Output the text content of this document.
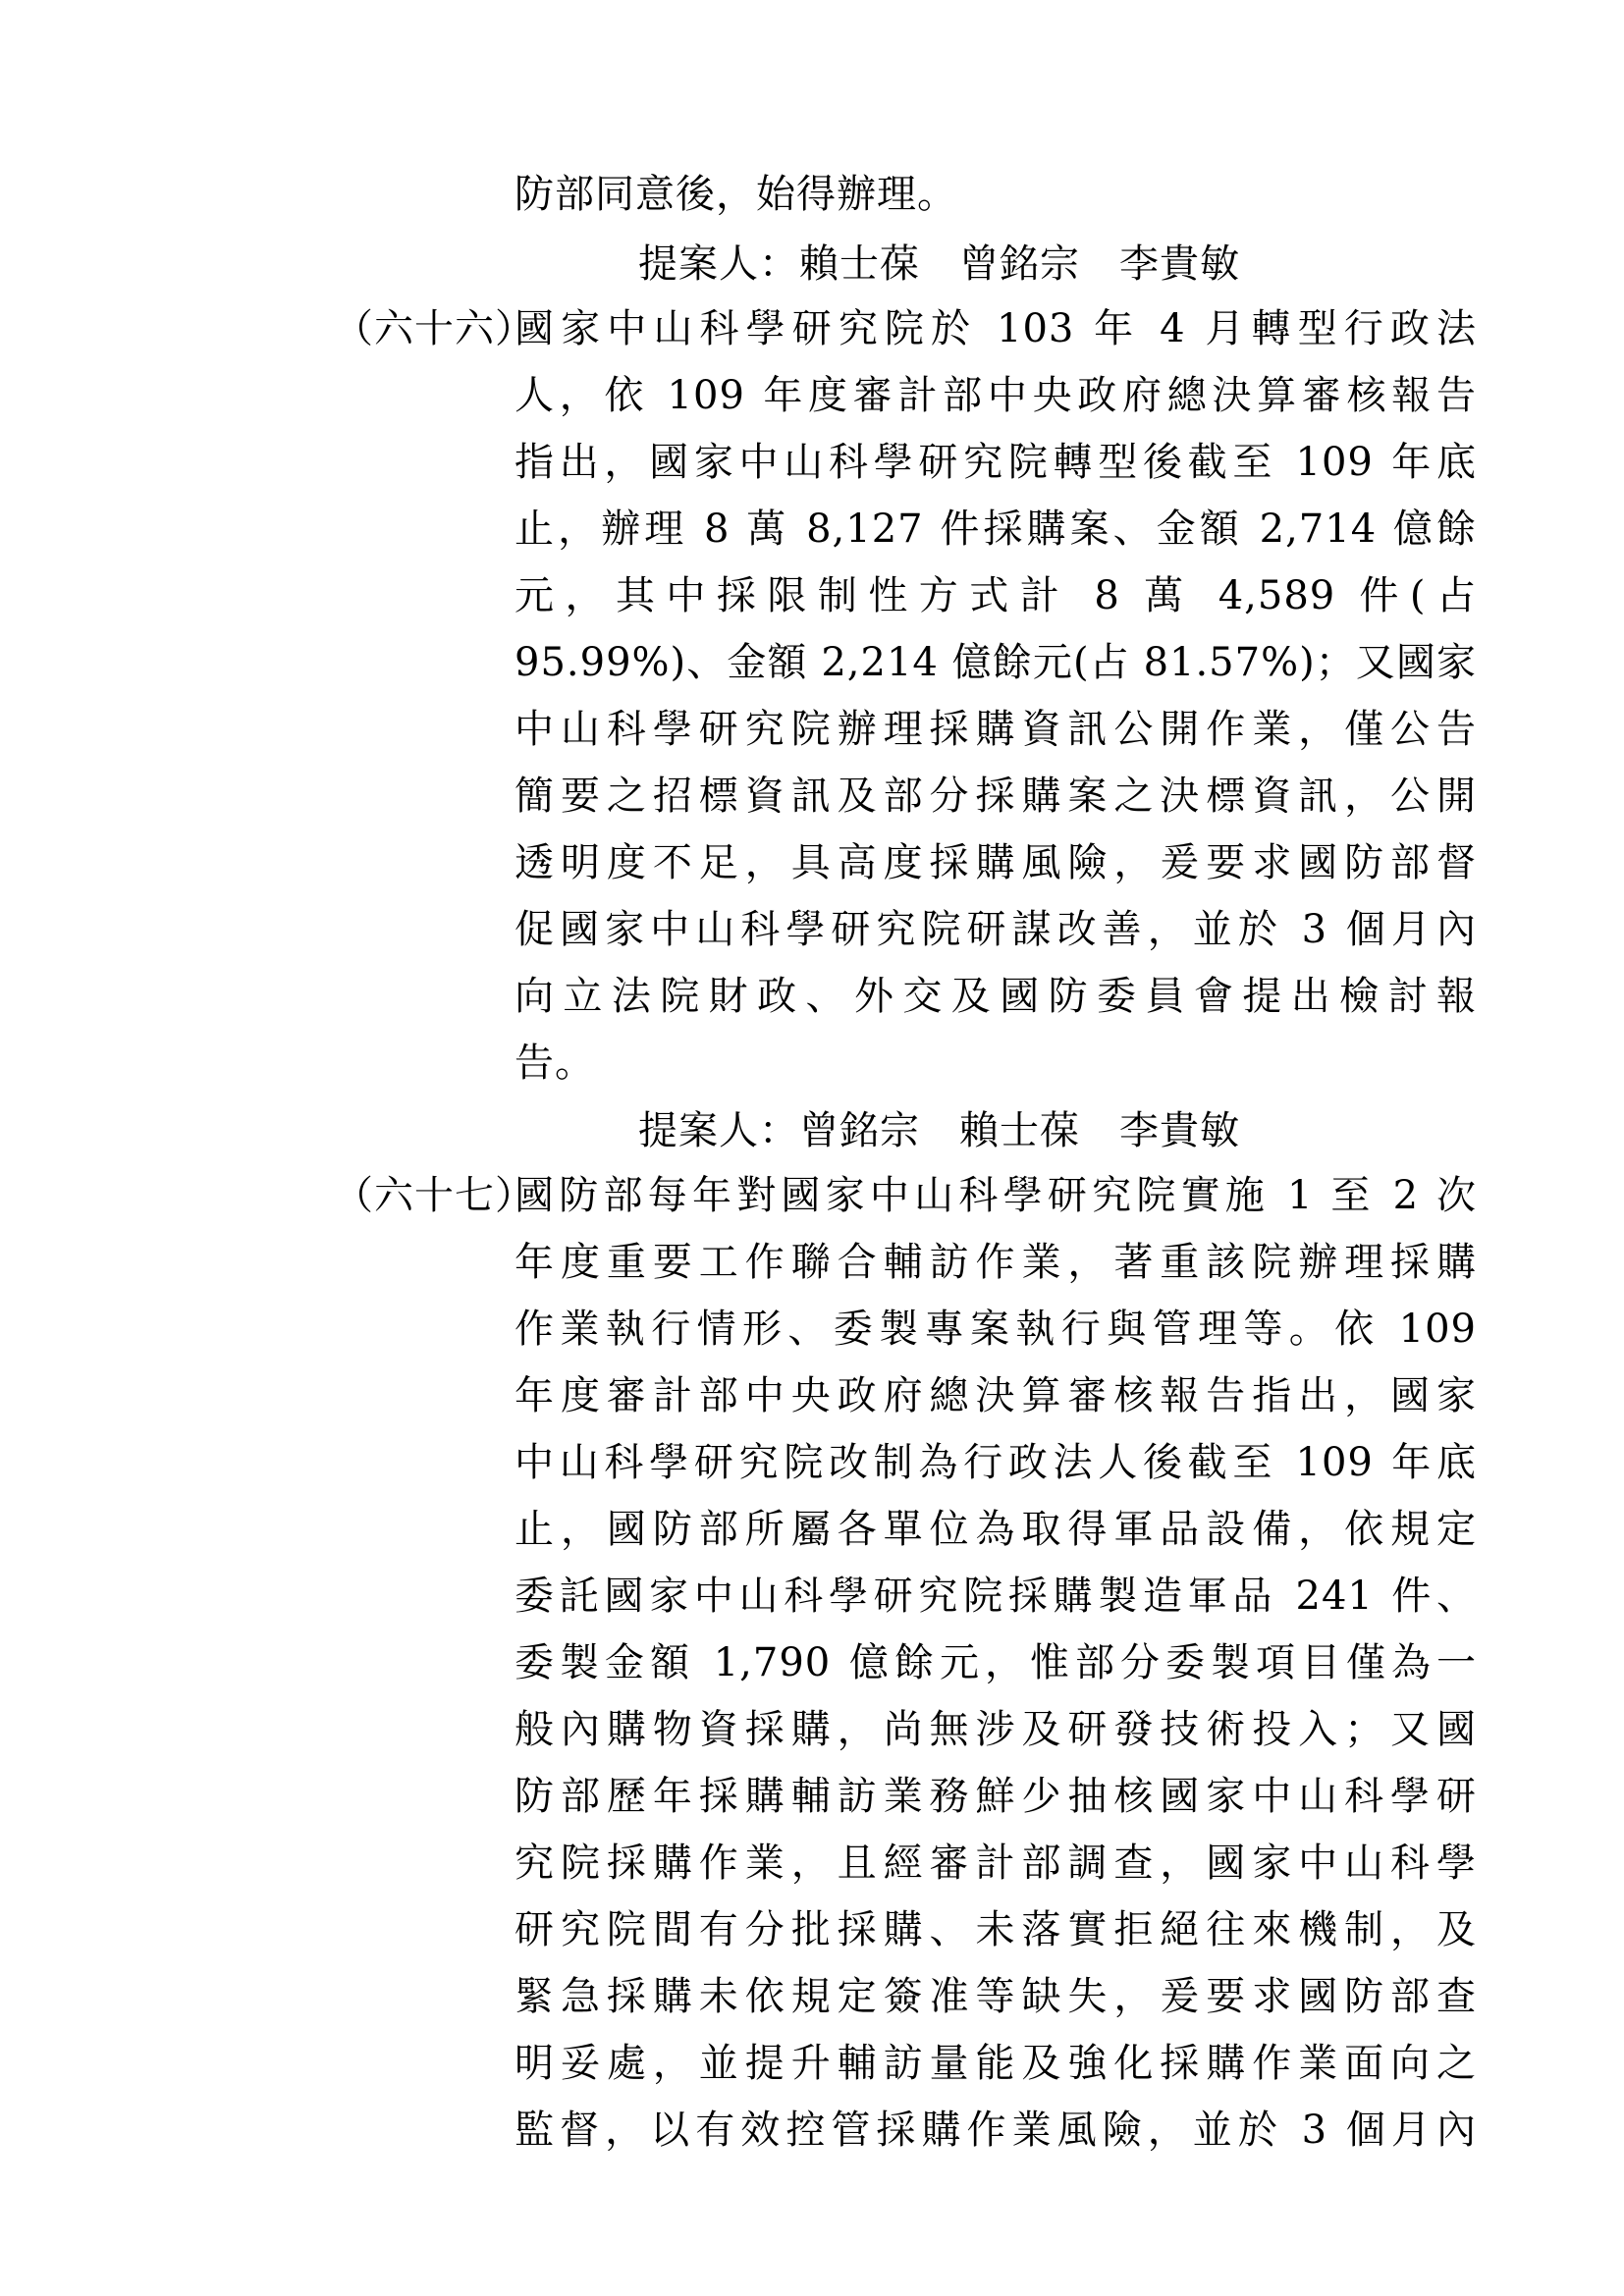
防部同意後，始得辦理。
提案人：賴士葆 曾銘宗 李貴敏
（六十六）
國家中山科學研究院於 103 年 4 月轉型行政法
人，依 109 年度審計部中央政府總決算審核報告
指出，國家中山科學研究院轉型後截至 109 年底
止，辦理 8 萬 8,127 件採購案、金額 2,714 億餘
元，其中採限制性方式計 8 萬 4,589 件(占
95.99%)、金額 2,214 億餘元(占 81.57%)；又國家
中山科學研究院辦理採購資訊公開作業，僅公告
簡要之招標資訊及部分採購案之決標資訊，公開
透明度不足，具高度採購風險，爰要求國防部督
促國家中山科學研究院研謀改善，並於 3 個月內
向立法院財政、外交及國防委員會提出檢討報
告。
提案人：曾銘宗 賴士葆 李貴敏
（六十七）
國防部每年對國家中山科學研究院實施 1 至 2 次
年度重要工作聯合輔訪作業，著重該院辦理採購
作業執行情形、委製專案執行與管理等。依 109
年度審計部中央政府總決算審核報告指出，國家
中山科學研究院改制為行政法人後截至 109 年底
止，國防部所屬各單位為取得軍品設備，依規定
委託國家中山科學研究院採購製造軍品 241 件、
委製金額 1,790 億餘元，惟部分委製項目僅為一
般內購物資採購，尚無涉及研發技術投入；又國
防部歷年採購輔訪業務鮮少抽核國家中山科學研
究院採購作業，且經審計部調查，國家中山科學
研究院間有分批採購、未落實拒絕往來機制，及
緊急採購未依規定簽准等缺失，爰要求國防部查
明妥處，並提升輔訪量能及強化採購作業面向之
監督，以有效控管採購作業風險，並於 3 個月內
